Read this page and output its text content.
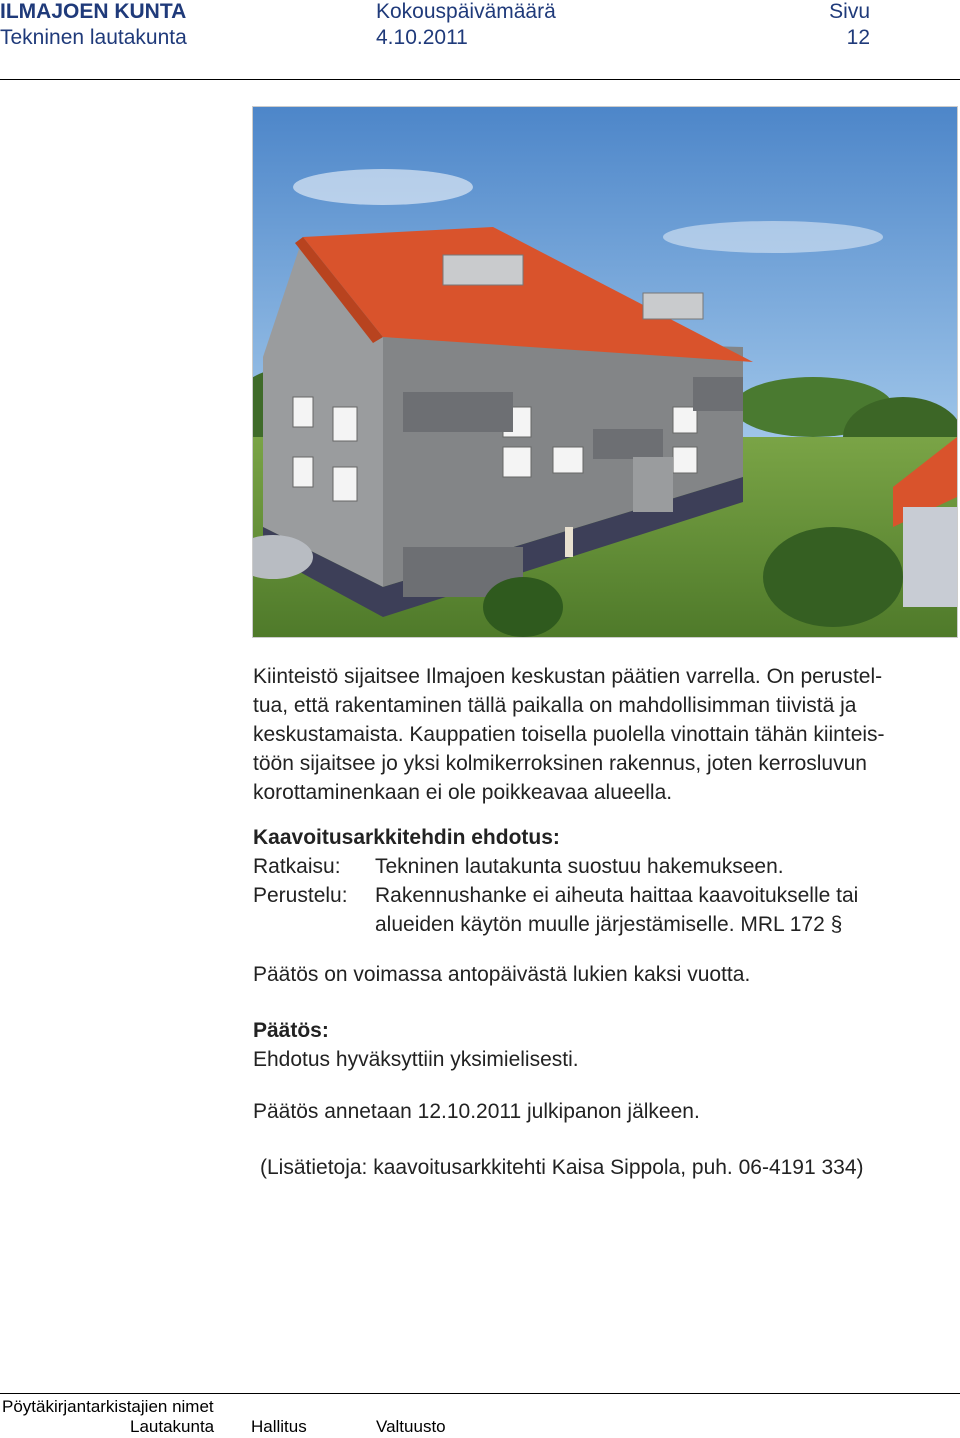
ILMAJOEN KUNTA
Tekninen lautakunta
Kokouspäivämäärä
4.10.2011
Sivu
12
Kiinteistö sijaitsee Ilmajoen keskustan päätien varrella. On perustel-
tua, että rakentaminen tällä paikalla on mahdollisimman tiivistä ja
keskustamaista. Kauppatien toisella puolella vinottain tähän kiinteis-
töön sijaitsee jo yksi kolmikerroksinen rakennus, joten kerrosluvun
korottaminenkaan ei ole poikkeavaa alueella.
Kaavoitusarkkitehdin ehdotus:
Ratkaisu: Tekninen lautakunta suostuu hakemukseen.
Perustelu: Rakennushanke ei aiheuta haittaa kaavoitukselle tai
alueiden käytön muulle järjestämiselle. MRL 172 §
Päätös on voimassa antopäivästä lukien kaksi vuotta.
Päätös:
Ehdotus hyväksyttiin yksimielisesti.
Päätös annetaan 12.10.2011 julkipanon jälkeen.
(Lisätietoja: kaavoitusarkkitehti Kaisa Sippola, puh. 06-4191 334)
Pöytäkirjantarkistajien nimet
Lautakunta Hallitus	Valtuusto
